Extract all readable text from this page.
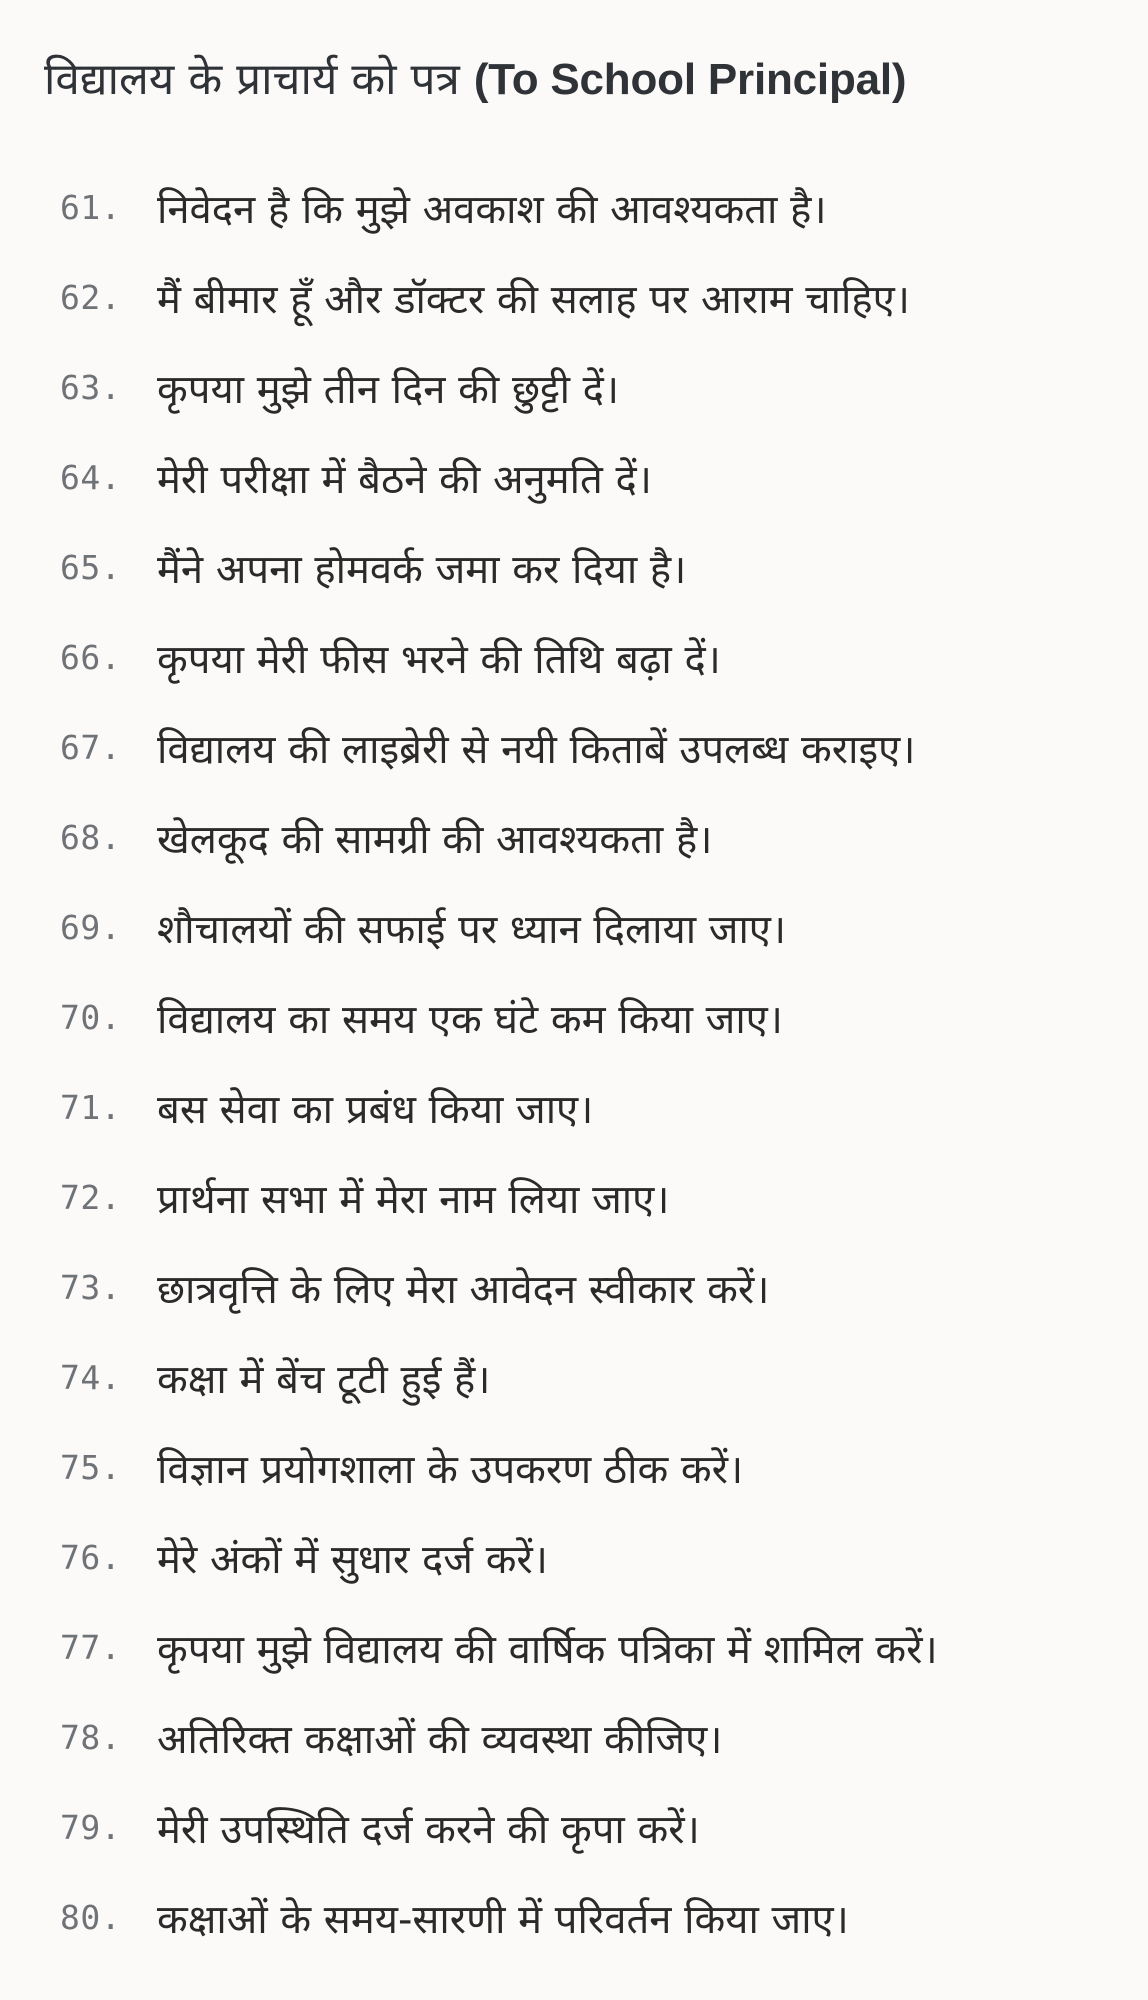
विद्यालय के प्राचार्य को पत्र (To School Principal)
61. निवेदन है कि मुझे अवकाश की आवश्यकता है।
62. मैं बीमार हूँ और डॉक्टर की सलाह पर आराम चाहिए।
63. कृपया मुझे तीन दिन की छुट्टी दें।
64. मेरी परीक्षा में बैठने की अनुमति दें।
65. मैंने अपना होमवर्क जमा कर दिया है।
66. कृपया मेरी फीस भरने की तिथि बढ़ा दें।
67. विद्यालय की लाइब्रेरी से नयी किताबें उपलब्ध कराइए।
68. खेलकूद की सामग्री की आवश्यकता है।
69. शौचालयों की सफाई पर ध्यान दिलाया जाए।
70. विद्यालय का समय एक घंटे कम किया जाए।
71. बस सेवा का प्रबंध किया जाए।
72. प्रार्थना सभा में मेरा नाम लिया जाए।
73. छात्रवृत्ति के लिए मेरा आवेदन स्वीकार करें।
74. कक्षा में बेंच टूटी हुई हैं।
75. विज्ञान प्रयोगशाला के उपकरण ठीक करें।
76. मेरे अंकों में सुधार दर्ज करें।
77. कृपया मुझे विद्यालय की वार्षिक पत्रिका में शामिल करें।
78. अतिरिक्त कक्षाओं की व्यवस्था कीजिए।
79. मेरी उपस्थिति दर्ज करने की कृपा करें।
80. कक्षाओं के समय-सारणी में परिवर्तन किया जाए।
